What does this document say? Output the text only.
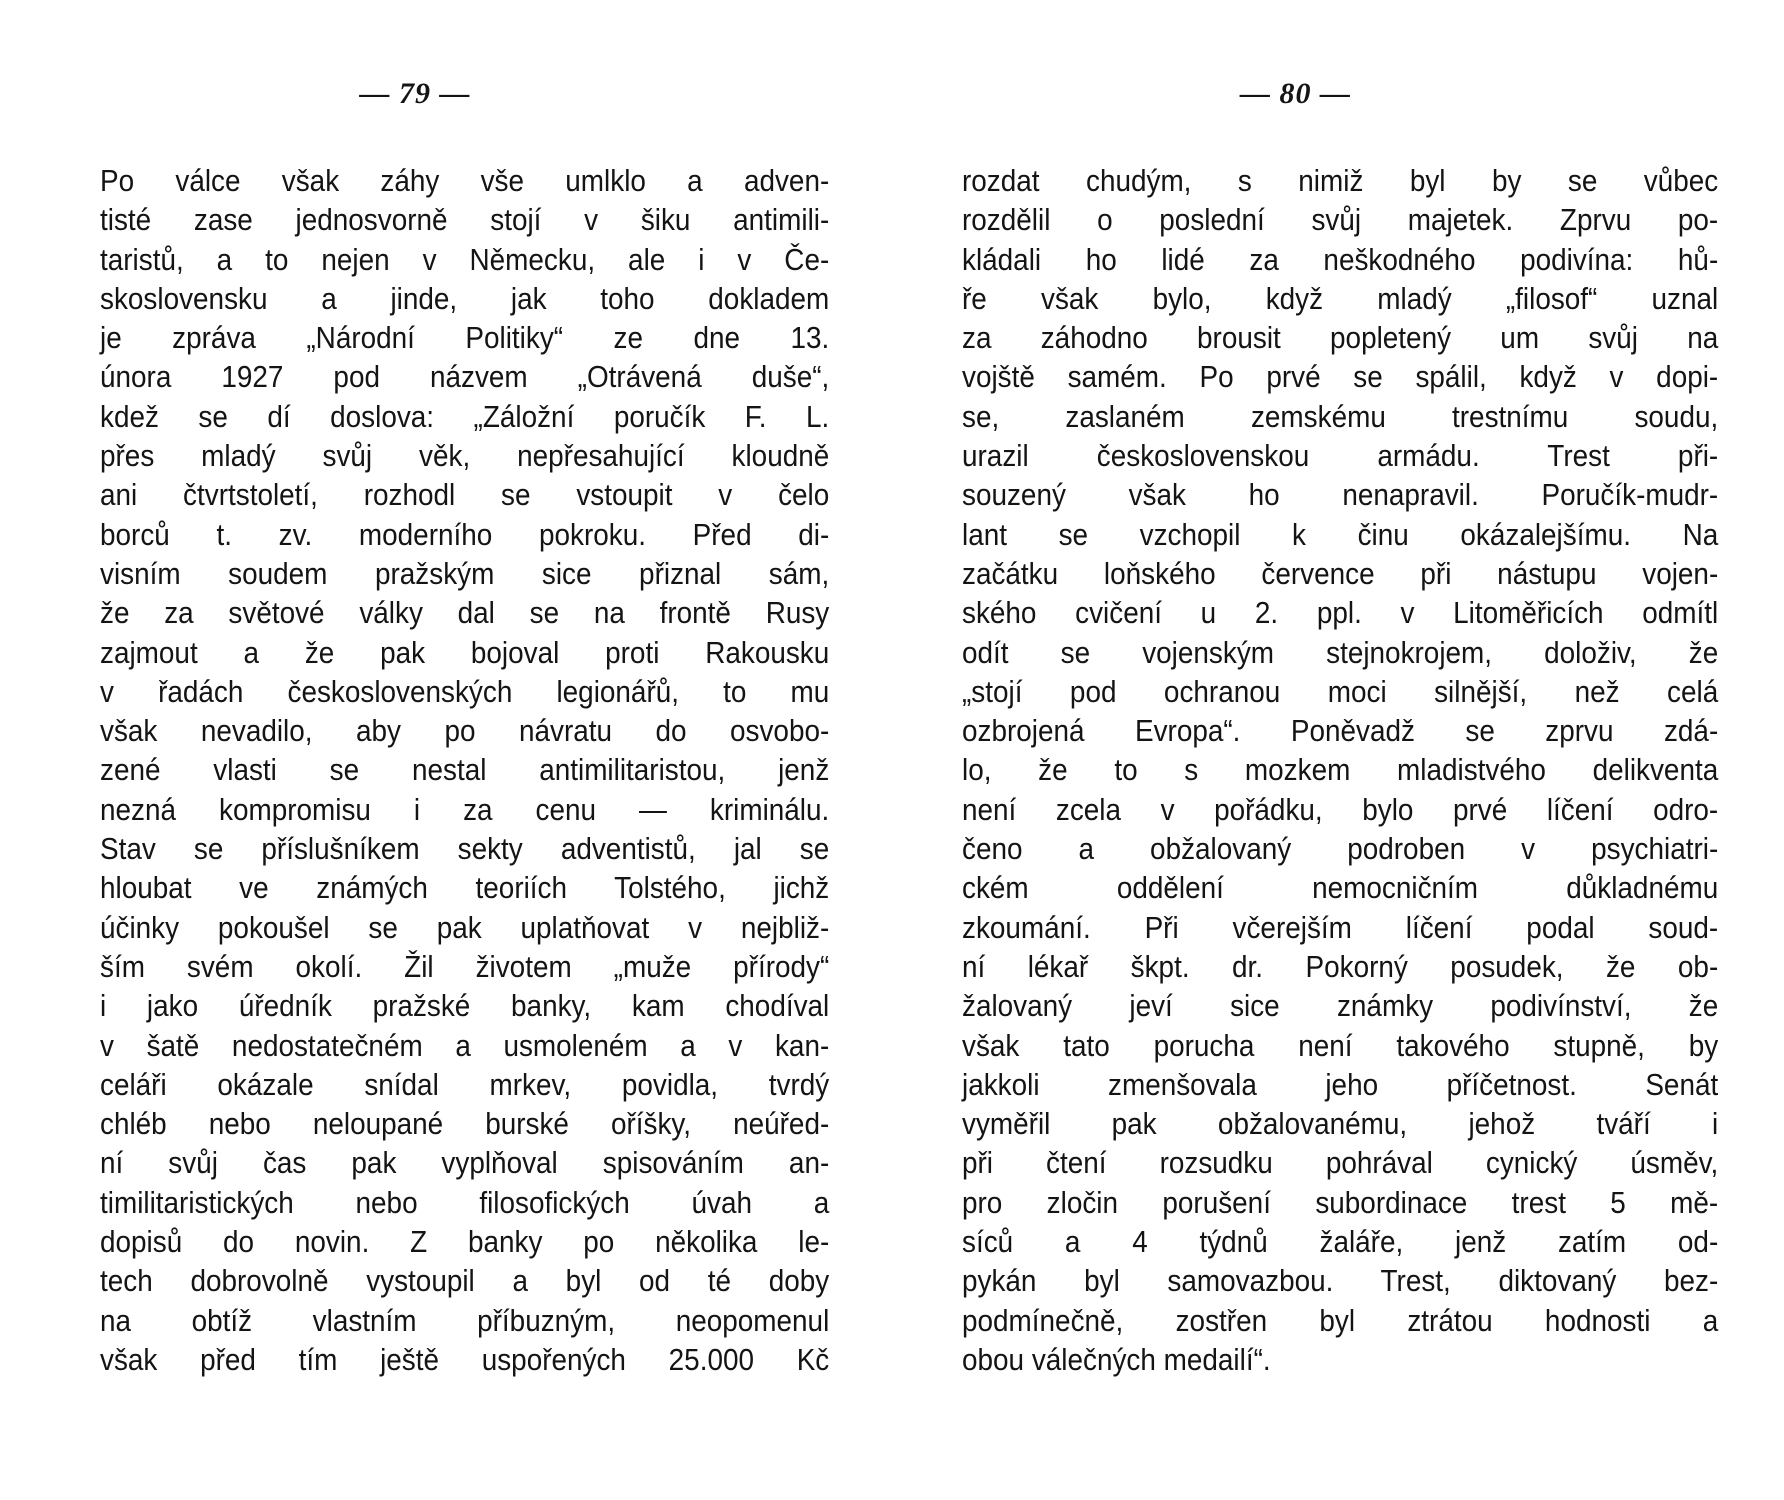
— 79 —
Po válce však záhy vše umlklo a adven-
tisté zase jednosvorně stojí v šiku antimili-
taristů, a to nejen v Německu, ale i v Če-
skoslovensku a jinde, jak toho dokladem
je zpráva „Národní Politiky“ ze dne 13.
února 1927 pod názvem „Otrávená duše“,
kdež se dí doslova: „Záložní poručík F. L.
přes mladý svůj věk, nepřesahující kloudně
ani čtvrtstoletí, rozhodl se vstoupit v čelo
borců t. zv. moderního pokroku. Před di-
visním soudem pražským sice přiznal sám,
že za světové války dal se na frontě Rusy
zajmout a že pak bojoval proti Rakousku
v řadách československých legionářů, to mu
však nevadilo, aby po návratu do osvobo-
zené vlasti se nestal antimilitaristou, jenž
nezná kompromisu i za cenu — kriminálu.
Stav se příslušníkem sekty adventistů, jal se
hloubat ve známých teoriích Tolstého, jichž
účinky pokoušel se pak uplatňovat v nejbliž-
ším svém okolí. Žil životem „muže přírody“
i jako úředník pražské banky, kam chodíval
v šatě nedostatečném a usmoleném a v kan-
celáři okázale snídal mrkev, povidla, tvrdý
chléb nebo neloupané burské oříšky, neúřed-
ní svůj čas pak vyplňoval spisováním an-
timilitaristických nebo filosofických úvah a
dopisů do novin. Z banky po několika le-
tech dobrovolně vystoupil a byl od té doby
na obtíž vlastním příbuzným, neopomenul
však před tím ještě uspořených 25.000 Kč
— 80 —
rozdat chudým, s nimiž byl by se vůbec
rozdělil o poslední svůj majetek. Zprvu po-
kládali ho lidé za neškodného podivína: hů-
ře však bylo, když mladý „filosof“ uznal
za záhodno brousit popletený um svůj na
vojště samém. Po prvé se spálil, když v dopi-
se, zaslaném zemskému trestnímu soudu,
urazil československou armádu. Trest při-
souzený však ho nenapravil. Poručík-mudr-
lant se vzchopil k činu okázalejšímu. Na
začátku loňského července při nástupu vojen-
ského cvičení u 2. ppl. v Litoměřicích odmítl
odít se vojenským stejnokrojem, doloživ, že
„stojí pod ochranou moci silnější, než celá
ozbrojená Evropa“. Poněvadž se zprvu zdá-
lo, že to s mozkem mladistvého delikventa
není zcela v pořádku, bylo prvé líčení odro-
čeno a obžalovaný podroben v psychiatri-
ckém oddělení nemocničním důkladnému
zkoumání. Při včerejším líčení podal soud-
ní lékař škpt. dr. Pokorný posudek, že ob-
žalovaný jeví sice známky podivínství, že
však tato porucha není takového stupně, by
jakkoli zmenšovala jeho příčetnost. Senát
vyměřil pak obžalovanému, jehož tváří i
při čtení rozsudku pohrával cynický úsměv,
pro zločin porušení subordinace trest 5 mě-
síců a 4 týdnů žaláře, jenž zatím od-
pykán byl samovazbou. Trest, diktovaný bez-
podmínečně, zostřen byl ztrátou hodnosti a
obou válečných medailí“.
